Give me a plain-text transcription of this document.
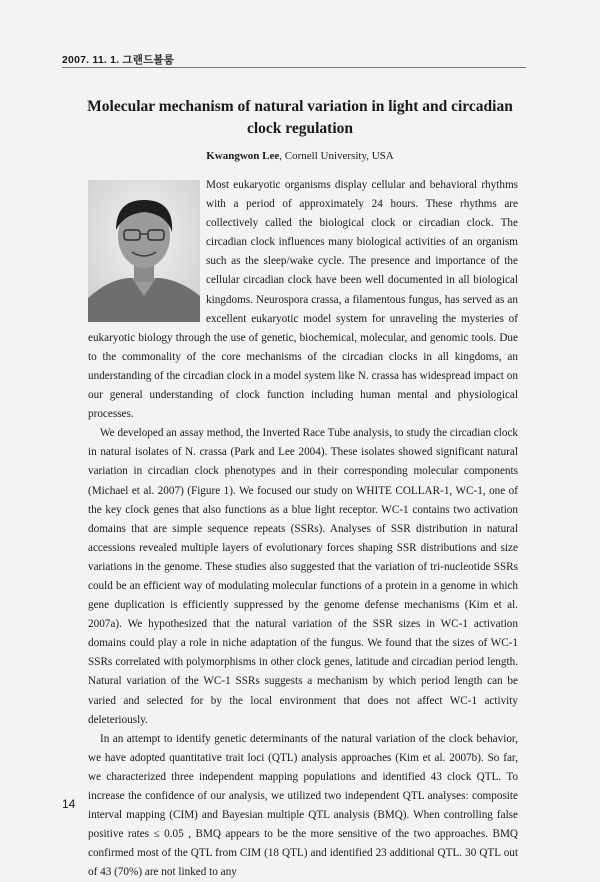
2007. 11. 1. 그랜드볼룸
Molecular mechanism of natural variation in light and circadian clock regulation
Kwangwon Lee, Cornell University, USA

Most eukaryotic organisms display cellular and behavioral rhythms with a period of approximately 24 hours. These rhythms are collectively called the biological clock or circadian clock. The circadian clock influences many biological activities of an organism such as the sleep/wake cycle. The presence and importance of the cellular circadian clock have been well documented in all biological kingdoms. Neurospora crassa, a filamentous fungus, has served as an excellent eukaryotic model system for unraveling the mysteries of eukaryotic biology through the use of genetic, biochemical, molecular, and genomic tools. Due to the commonality of the core mechanisms of the circadian clocks in all kingdoms, an understanding of the circadian clock in a model system like N. crassa has widespread impact on our general understanding of clock function including human mental and physiological processes.

We developed an assay method, the Inverted Race Tube analysis, to study the circadian clock in natural isolates of N. crassa (Park and Lee 2004). These isolates showed significant natural variation in circadian clock phenotypes and in their corresponding molecular components (Michael et al. 2007) (Figure 1). We focused our study on WHITE COLLAR-1, WC-1, one of the key clock genes that also functions as a blue light receptor. WC-1 contains two activation domains that are simple sequence repeats (SSRs). Analyses of SSR distribution in natural accessions revealed multiple layers of evolutionary forces shaping SSR distributions and size variations in the genome. These studies also suggested that the variation of tri-nucleotide SSRs could be an efficient way of modulating molecular functions of a protein in a genome in which gene duplication is efficiently suppressed by the genome defense mechanisms (Kim et al. 2007a). We hypothesized that the natural variation of the SSR sizes in WC-1 activation domains could play a role in niche adaptation of the fungus. We found that the sizes of WC-1 SSRs correlated with polymorphisms in other clock genes, latitude and circadian period length. Natural variation of the WC-1 SSRs suggests a mechanism by which period length can be varied and selected for by the local environment that does not affect WC-1 activity deleteriously.

In an attempt to identify genetic determinants of the natural variation of the clock behavior, we have adopted quantitative trait loci (QTL) analysis approaches (Kim et al. 2007b). So far, we characterized three independent mapping populations and identified 43 clock QTL. To increase the confidence of our analysis, we utilized two independent QTL analyses: composite interval mapping (CIM) and Bayesian multiple QTL analysis (BMQ). When controlling false positive rates ≤ 0.05 , BMQ appears to be the more sensitive of the two approaches. BMQ confirmed most of the QTL from CIM (18 QTL) and identified 23 additional QTL. 30 QTL out of 43 (70%) are not linked to any

14
